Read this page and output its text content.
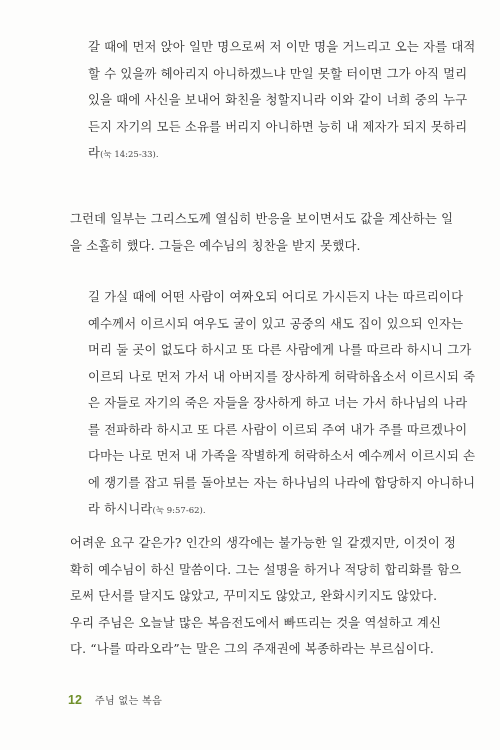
갈 때에 먼저 앉아 일만 명으로써 저 이만 명을 거느리고 오는 자를 대적
할 수 있을까 헤아리지 아니하겠느냐 만일 못할 터이면 그가 아직 멀리
있을 때에 사신을 보내어 화친을 청할지니라 이와 같이 너희 중의 누구
든지 자기의 모든 소유를 버리지 아니하면 능히 내 제자가 되지 못하리
라(눅 14:25-33).
그런데 일부는 그리스도께 열심히 반응을 보이면서도 값을 계산하는 일
을 소홀히 했다. 그들은 예수님의 칭찬을 받지 못했다.
길 가실 때에 어떤 사람이 여짜오되 어디로 가시든지 나는 따르리이다
예수께서 이르시되 여우도 굴이 있고 공중의 새도 집이 있으되 인자는
머리 둘 곳이 없도다 하시고 또 다른 사람에게 나를 따르라 하시니 그가
이르되 나로 먼저 가서 내 아버지를 장사하게 허락하옵소서 이르시되 죽
은 자들로 자기의 죽은 자들을 장사하게 하고 너는 가서 하나님의 나라
를 전파하라 하시고 또 다른 사람이 이르되 주여 내가 주를 따르겠나이
다마는 나로 먼저 내 가족을 작별하게 허락하소서 예수께서 이르시되 손
에 쟁기를 잡고 뒤를 돌아보는 자는 하나님의 나라에 합당하지 아니하니
라 하시니라(눅 9:57-62).
어려운 요구 같은가? 인간의 생각에는 불가능한 일 같겠지만, 이것이 정
확히 예수님이 하신 말씀이다. 그는 설명을 하거나 적당히 합리화를 함으
로써 단서를 달지도 않았고, 꾸미지도 않았고, 완화시키지도 않았다.
우리 주님은 오늘날 많은 복음전도에서 빠뜨리는 것을 역설하고 계신
다. “나를 따라오라”는 말은 그의 주재권에 복종하라는 부르심이다.
12 주님 없는 복음
